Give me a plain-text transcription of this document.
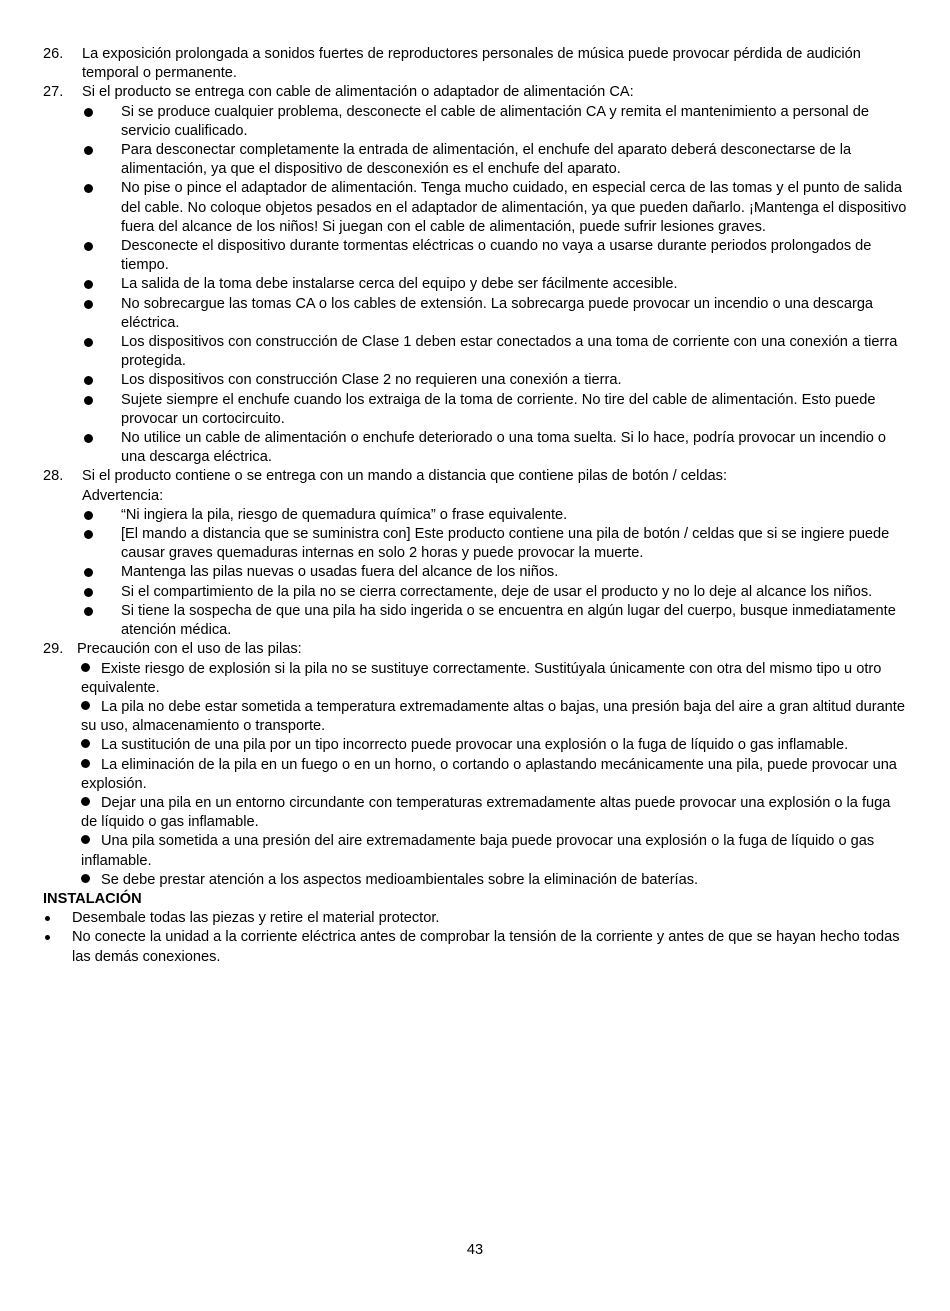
26. La exposición prolongada a sonidos fuertes de reproductores personales de música puede provocar pérdida de audición temporal o permanente.
27. Si el producto se entrega con cable de alimentación o adaptador de alimentación CA:
Si se produce cualquier problema, desconecte el cable de alimentación CA y remita el mantenimiento a personal de servicio cualificado.
Para desconectar completamente la entrada de alimentación, el enchufe del aparato deberá desconectarse de la alimentación, ya que el dispositivo de desconexión es el enchufe del aparato.
No pise o pince el adaptador de alimentación. Tenga mucho cuidado, en especial cerca de las tomas y el punto de salida del cable. No coloque objetos pesados en el adaptador de alimentación, ya que pueden dañarlo. ¡Mantenga el dispositivo fuera del alcance de los niños! Si juegan con el cable de alimentación, puede sufrir lesiones graves.
Desconecte el dispositivo durante tormentas eléctricas o cuando no vaya a usarse durante periodos prolongados de tiempo.
La salida de la toma debe instalarse cerca del equipo y debe ser fácilmente accesible.
No sobrecargue las tomas CA o los cables de extensión. La sobrecarga puede provocar un incendio o una descarga eléctrica.
Los dispositivos con construcción de Clase 1 deben estar conectados a una toma de corriente con una conexión a tierra protegida.
Los dispositivos con construcción Clase 2 no requieren una conexión a tierra.
Sujete siempre el enchufe cuando los extraiga de la toma de corriente. No tire del cable de alimentación. Esto puede provocar un cortocircuito.
No utilice un cable de alimentación o enchufe deteriorado o una toma suelta. Si lo hace, podría provocar un incendio o una descarga eléctrica.
28. Si el producto contiene o se entrega con un mando a distancia que contiene pilas de botón / celdas:
Advertencia:
“Ni ingiera la pila, riesgo de quemadura química” o frase equivalente.
[El mando a distancia que se suministra con] Este producto contiene una pila de botón / celdas que si se ingiere puede causar graves quemaduras internas en solo 2 horas y puede provocar la muerte.
Mantenga las pilas nuevas o usadas fuera del alcance de los niños.
Si el compartimiento de la pila no se cierra correctamente, deje de usar el producto y no lo deje al alcance los niños.
Si tiene la sospecha de que una pila ha sido ingerida o se encuentra en algún lugar del cuerpo, busque inmediatamente atención médica.
29. Precaución con el uso de las pilas:
Existe riesgo de explosión si la pila no se sustituye correctamente. Sustitúyala únicamente con otra del mismo tipo u otro equivalente.
La pila no debe estar sometida a temperatura extremadamente altas o bajas, una presión baja del aire a gran altitud durante su uso, almacenamiento o transporte.
La sustitución de una pila por un tipo incorrecto puede provocar una explosión o la fuga de líquido o gas inflamable.
La eliminación de la pila en un fuego o en un horno, o cortando o aplastando mecánicamente una pila, puede provocar una explosión.
Dejar una pila en un entorno circundante con temperaturas extremadamente altas puede provocar una explosión o la fuga de líquido o gas inflamable.
Una pila sometida a una presión del aire extremadamente baja puede provocar una explosión o la fuga de líquido o gas inflamable.
Se debe prestar atención a los aspectos medioambientales sobre la eliminación de baterías.
INSTALACIÓN
Desembale todas las piezas y retire el material protector.
No conecte la unidad a la corriente eléctrica antes de comprobar la tensión de la corriente y antes de que se hayan hecho todas las demás conexiones.
43
